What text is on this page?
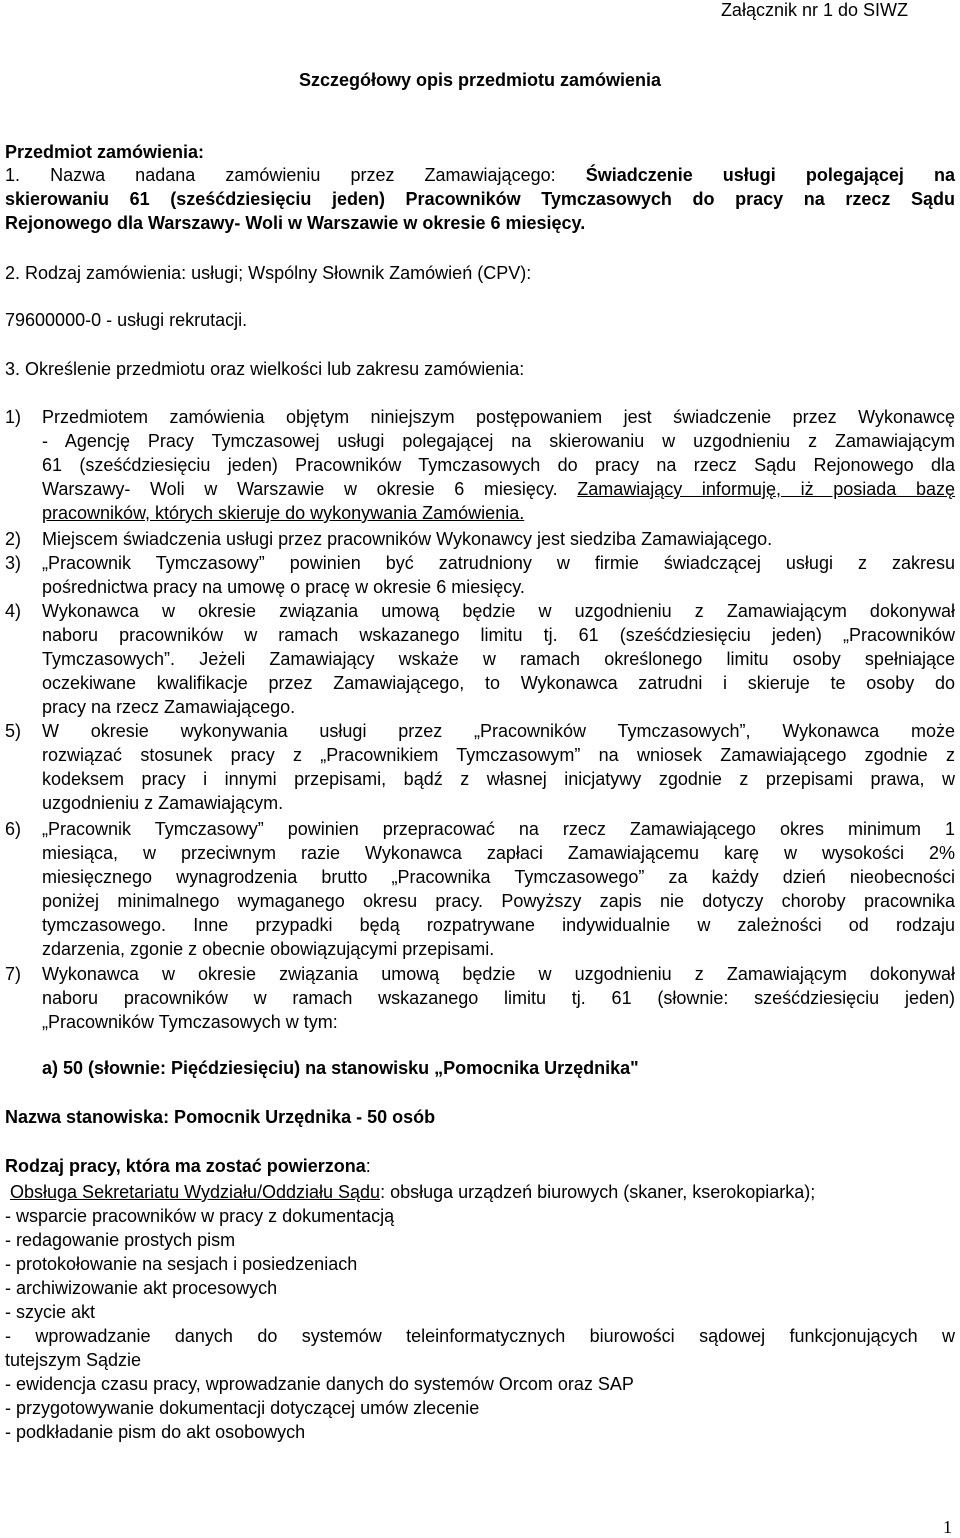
Załącznik nr 1 do SIWZ
Szczegółowy opis przedmiotu zamówienia
Przedmiot zamówienia:
1. Nazwa nadana zamówieniu przez Zamawiającego: Świadczenie usługi polegającej na
skierowaniu 61 (sześćdziesięciu jeden) Pracowników Tymczasowych do pracy na rzecz Sądu
Rejonowego dla Warszawy- Woli w Warszawie w okresie 6 miesięcy.
2. Rodzaj zamówienia: usługi; Wspólny Słownik Zamówień (CPV):
79600000-0 - usługi rekrutacji.
3. Określenie przedmiotu oraz wielkości lub zakresu zamówienia:
1) Przedmiotem zamówienia objętym niniejszym postępowaniem jest świadczenie przez Wykonawcę
- Agencję Pracy Tymczasowej usługi polegającej na skierowaniu w uzgodnieniu z Zamawiającym
61 (sześćdziesięciu jeden) Pracowników Tymczasowych do pracy na rzecz Sądu Rejonowego dla
Warszawy- Woli w Warszawie w okresie 6 miesięcy. Zamawiający informuję, iż posiada bazę
pracowników, których skieruje do wykonywania Zamówienia.
2) Miejscem świadczenia usługi przez pracowników Wykonawcy jest siedziba Zamawiającego.
3) „Pracownik Tymczasowy” powinien być zatrudniony w firmie świadczącej usługi z zakresu
pośrednictwa pracy na umowę o pracę w okresie 6 miesięcy.
4) Wykonawca w okresie związania umową będzie w uzgodnieniu z Zamawiającym dokonywał
naboru pracowników w ramach wskazanego limitu tj. 61 (sześćdziesięciu jeden) „Pracowników
Tymczasowych”. Jeżeli Zamawiający wskaże w ramach określonego limitu osoby spełniające
oczekiwane kwalifikacje przez Zamawiającego, to Wykonawca zatrudni i skieruje te osoby do
pracy na rzecz Zamawiającego.
5) W okresie wykonywania usługi przez „Pracowników Tymczasowych”, Wykonawca może
rozwiązać stosunek pracy z „Pracownikiem Tymczasowym” na wniosek Zamawiającego zgodnie z
kodeksem pracy i innymi przepisami, bądź z własnej inicjatywy zgodnie z przepisami prawa, w
uzgodnieniu z Zamawiającym.
6) „Pracownik Tymczasowy” powinien przepracować na rzecz Zamawiającego okres minimum 1
miesiąca, w przeciwnym razie Wykonawca zapłaci Zamawiającemu karę w wysokości 2%
miesięcznego wynagrodzenia brutto „Pracownika Tymczasowego” za każdy dzień nieobecności
poniżej minimalnego wymaganego okresu pracy. Powyższy zapis nie dotyczy choroby pracownika
tymczasowego. Inne przypadki będą rozpatrywane indywidualnie w zależności od rodzaju
zdarzenia, zgonie z obecnie obowiązującymi przepisami.
7) Wykonawca w okresie związania umową będzie w uzgodnieniu z Zamawiającym dokonywał
naboru pracowników w ramach wskazanego limitu tj. 61 (słownie: sześćdziesięciu jeden)
„Pracowników Tymczasowych w tym:
a) 50 (słownie: Pięćdziesięciu) na stanowisku „Pomocnika Urzędnika"
Nazwa stanowiska: Pomocnik Urzędnika - 50 osób
Rodzaj pracy, która ma zostać powierzona:
Obsługa Sekretariatu Wydziału/Oddziału Sądu: obsługa urządzeń biurowych (skaner, kserokopiarka);
- wsparcie pracowników w pracy z dokumentacją
- redagowanie prostych pism
- protokołowanie na sesjach i posiedzeniach
- archiwizowanie akt procesowych
- szycie akt
- wprowadzanie danych do systemów teleinformatycznych biurowości sądowej funkcjonujących w
tutejszym Sądzie
- ewidencja czasu pracy, wprowadzanie danych do systemów Orcom oraz SAP
- przygotowywanie dokumentacji dotyczącej umów zlecenie
- podkładanie pism do akt osobowych
1
